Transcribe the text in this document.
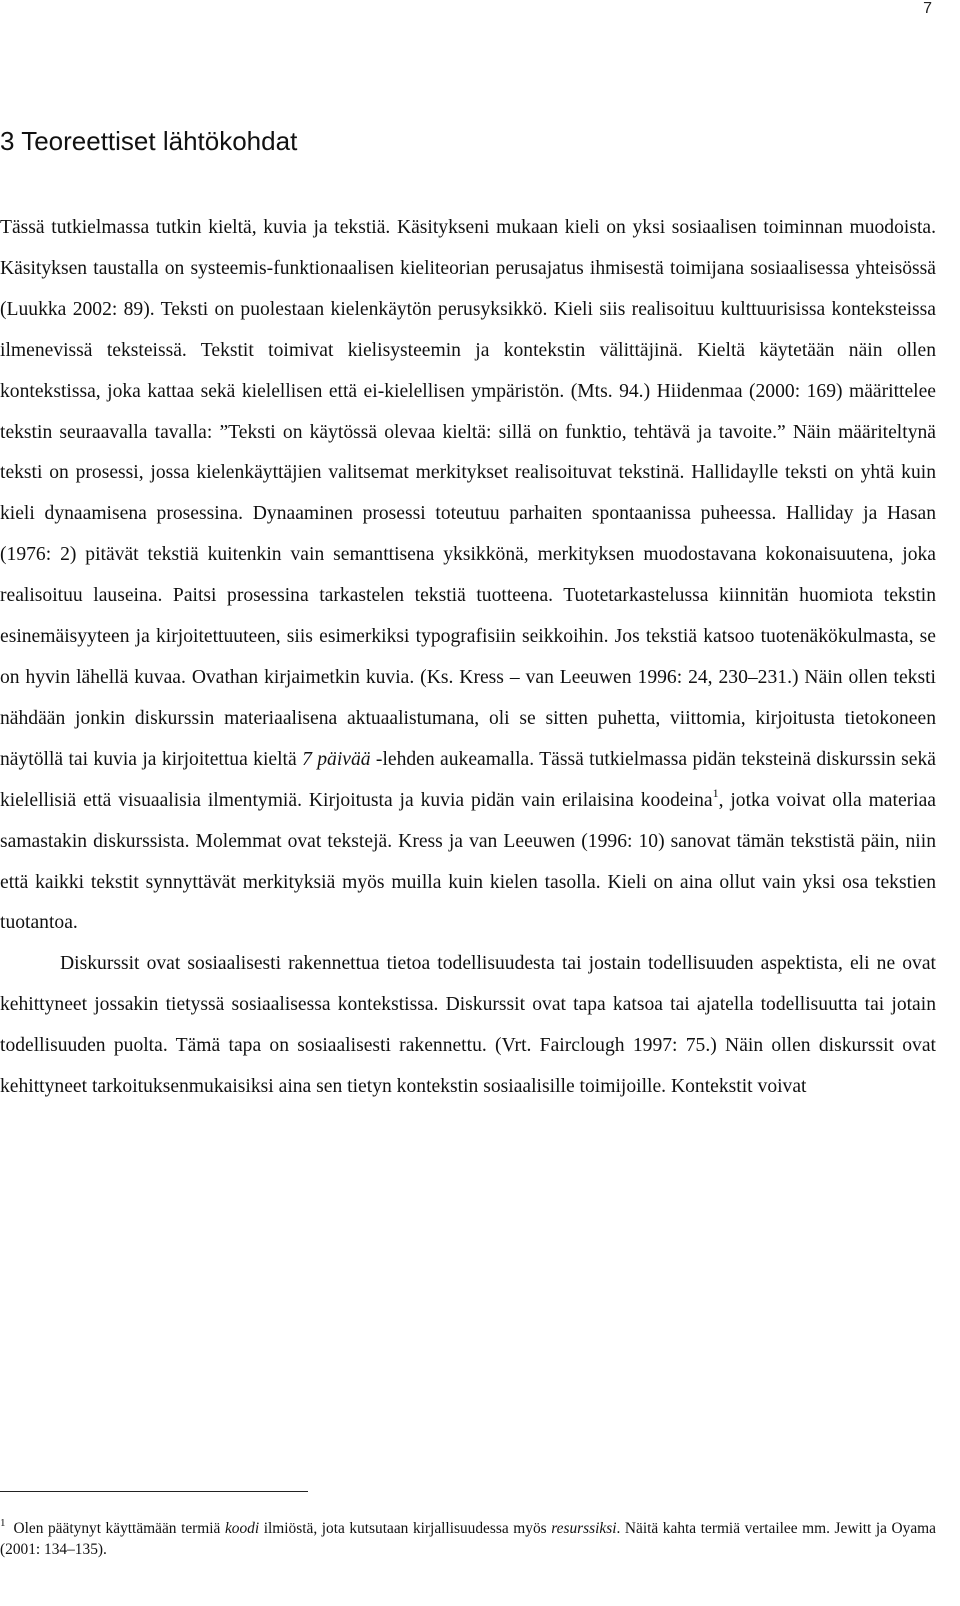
7
3 Teoreettiset lähtökohdat

Tässä tutkielmassa tutkin kieltä, kuvia ja tekstiä. Käsitykseni mukaan kieli on yksi sosiaalisen toiminnan muodoista. Käsityksen taustalla on systeemis-funktionaalisen kieliteorian perusajatus ihmisestä toimijana sosiaalisessa yhteisössä (Luukka 2002: 89). Teksti on puolestaan kielenkäytön perusyksikkö. Kieli siis realisoituu kulttuurisissa konteksteissa ilmenevissä teksteissä. Tekstit toimivat kielisysteemin ja kontekstin välittäjinä. Kieltä käytetään näin ollen kontekstissa, joka kattaa sekä kielellisen että ei-kielellisen ympäristön. (Mts. 94.) Hiidenmaa (2000: 169) määrittelee tekstin seuraavalla tavalla: ”Teksti on käytössä olevaa kieltä: sillä on funktio, tehtävä ja tavoite.” Näin määriteltynä teksti on prosessi, jossa kielenkäyttäjien valitsemat merkitykset realisoituvat tekstinä. Hallidaylle teksti on yhtä kuin kieli dynaamisena prosessina. Dynaaminen prosessi toteutuu parhaiten spontaanissa puheessa. Halliday ja Hasan (1976: 2) pitävät tekstiä kuitenkin vain semanttisena yksikkönä, merkityksen muodostavana kokonaisuutena, joka realisoituu lauseina. Paitsi prosessina tarkastelen tekstiä tuotteena. Tuotetarkastelussa kiinnitän huomiota tekstin esinemäisyyteen ja kirjoitettuuteen, siis esimerkiksi typografisiin seikkoihin. Jos tekstiä katsoo tuotenäkökulmasta, se on hyvin lähellä kuvaa. Ovathan kirjaimetkin kuvia. (Ks. Kress – van Leeuwen 1996: 24, 230–231.) Näin ollen teksti nähdään jonkin diskurssin materiaalisena aktuaalistumana, oli se sitten puhetta, viittomia, kirjoitusta tietokoneen näytöllä tai kuvia ja kirjoitettua kieltä 7 päivää -lehden aukeamalla. Tässä tutkielmassa pidän teksteinä diskurssin sekä kielellisiä että visuaalisia ilmentymiä. Kirjoitusta ja kuvia pidän vain erilaisina koodeina$^1$, jotka voivat olla materiaa samastakin diskurssista. Molemmat ovat tekstejä. Kress ja van Leeuwen (1996: 10) sanovat tämän tekstistä päin, niin että kaikki tekstit synnyttävät merkityksiä myös muilla kuin kielen tasolla. Kieli on aina ollut vain yksi osa tekstien tuotantoa.

Diskurssit ovat sosiaalisesti rakennettua tietoa todellisuudesta tai jostain todellisuuden aspektista, eli ne ovat kehittyneet jossakin tietyssä sosiaalisessa kontekstissa. Diskurssit ovat tapa katsoa tai ajatella todellisuutta tai jotain todellisuuden puolta. Tämä tapa on sosiaalisesti rakennettu. (Vrt. Fairclough 1997: 75.) Näin ollen diskurssit ovat kehittyneet tarkoituksenmukaisiksi aina sen tietyn kontekstin sosiaalisille toimijoille. Kontekstit voivat

$^1$ Olen päätynyt käyttämään termiä koodi ilmiöstä, jota kutsutaan kirjallisuudessa myös resurssiksi. Näitä kahta termiä vertailee mm. Jewitt ja Oyama (2001: 134–135).
